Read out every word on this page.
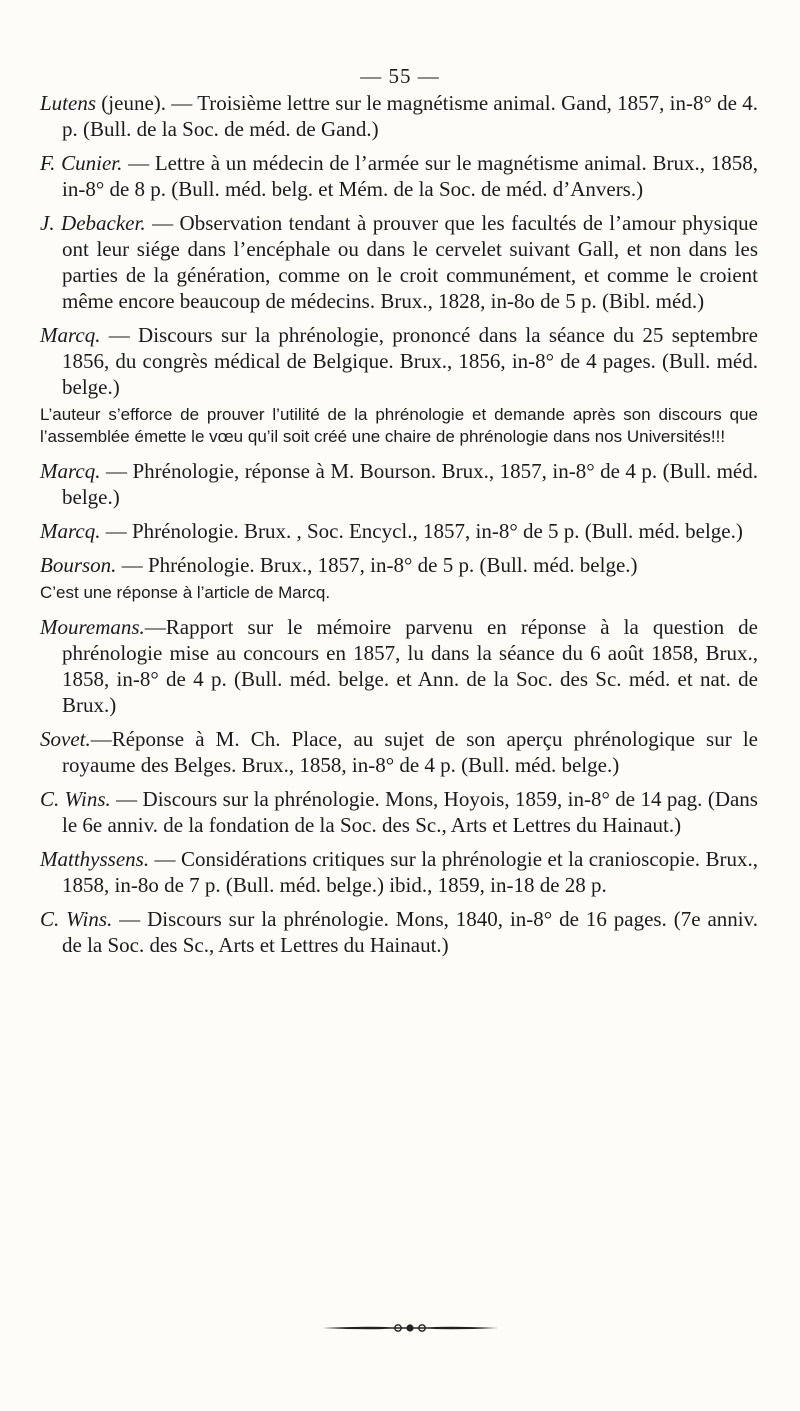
— 55 —

Lutens (jeune). — Troisième lettre sur le magnétisme animal. Gand, 1857, in-8° de 4. p. (Bull. de la Soc. de méd. de Gand.)

F. Cunier. — Lettre à un médecin de l’armée sur le magnétisme animal. Brux., 1858, in-8° de 8 p. (Bull. méd. belg. et Mém. de la Soc. de méd. d’Anvers.)

J. Debacker. — Observation tendant à prouver que les facultés de l’amour physique ont leur siége dans l’encéphale ou dans le cervelet suivant Gall, et non dans les parties de la génération, comme on le croit communément, et comme le croient même encore beaucoup de médecins. Brux., 1828, in-8o de 5 p. (Bibl. méd.)

Marcq. — Discours sur la phrénologie, prononcé dans la séance du 25 septembre 1856, du congrès médical de Belgique. Brux., 1856, in-8° de 4 pages. (Bull. méd. belge.)

L’auteur s’efforce de prouver l’utilité de la phrénologie et demande après son discours que l’assemblée émette le vœu qu’il soit créé une chaire de phrénologie dans nos Universités!!!

Marcq. — Phrénologie, réponse à M. Bourson. Brux., 1857, in-8° de 4 p. (Bull. méd. belge.)

Marcq. — Phrénologie. Brux. , Soc. Encycl., 1857, in-8° de 5 p. (Bull. méd. belge.)

Bourson. — Phrénologie. Brux., 1857, in-8° de 5 p. (Bull. méd. belge.)

C’est une réponse à l’article de Marcq.

Mouremans.—Rapport sur le mémoire parvenu en réponse à la question de phrénologie mise au concours en 1857, lu dans la séance du 6 août 1858, Brux., 1858, in-8° de 4 p. (Bull. méd. belge. et Ann. de la Soc. des Sc. méd. et nat. de Brux.)

Sovet.—Réponse à M. Ch. Place, au sujet de son aperçu phrénologique sur le royaume des Belges. Brux., 1858, in-8° de 4 p. (Bull. méd. belge.)

C. Wins. — Discours sur la phrénologie. Mons, Hoyois, 1859, in-8° de 14 pag. (Dans le 6e anniv. de la fondation de la Soc. des Sc., Arts et Lettres du Hainaut.)

Matthyssens. — Considérations critiques sur la phrénologie et la cranioscopie. Brux., 1858, in-8o de 7 p. (Bull. méd. belge.) ibid., 1859, in-18 de 28 p.

C. Wins. — Discours sur la phrénologie. Mons, 1840, in-8° de 16 pages. (7e anniv. de la Soc. des Sc., Arts et Lettres du Hainaut.)
